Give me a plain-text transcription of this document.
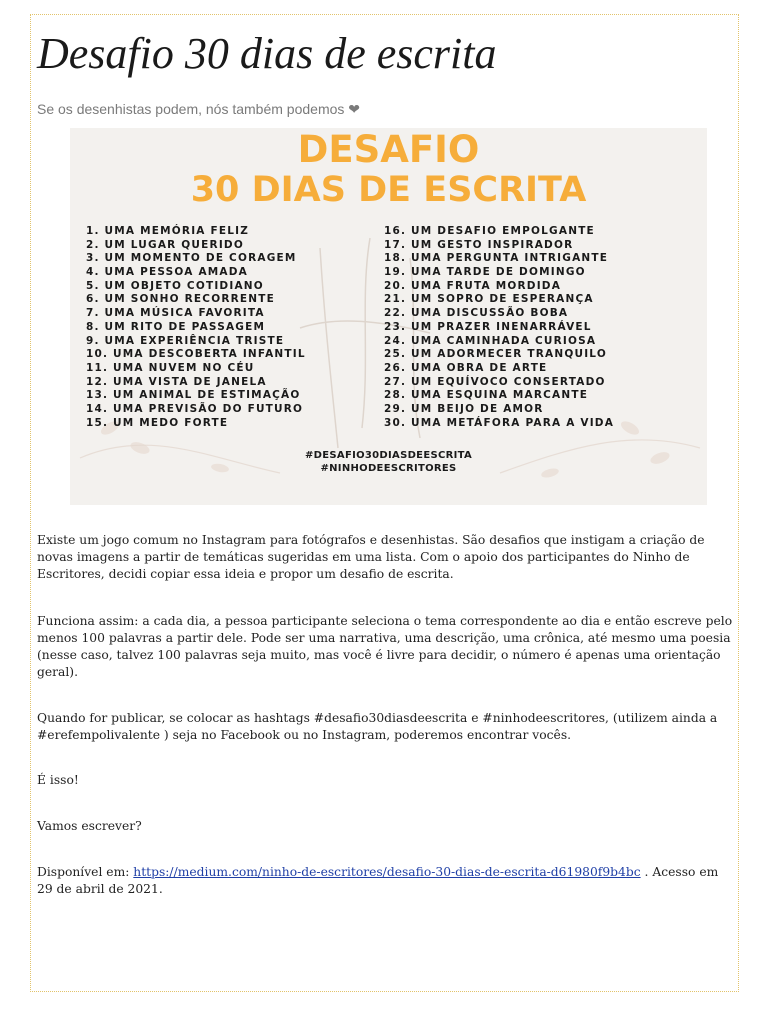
Desafio 30 dias de escrita
Se os desenhistas podem, nós também podemos ❤
DESAFIO
30 DIAS DE ESCRITA
1. UMA MEMÓRIA FELIZ
2. UM LUGAR QUERIDO
3. UM MOMENTO DE CORAGEM
4. UMA PESSOA AMADA
5. UM OBJETO COTIDIANO
6. UM SONHO RECORRENTE
7. UMA MÚSICA FAVORITA
8. UM RITO DE PASSAGEM
9. UMA EXPERIÊNCIA TRISTE
10. UMA DESCOBERTA INFANTIL
11. UMA NUVEM NO CÉU
12. UMA VISTA DE JANELA
13. UM ANIMAL DE ESTIMAÇÃO
14. UMA PREVISÃO DO FUTURO
15. UM MEDO FORTE
16. UM DESAFIO EMPOLGANTE
17. UM GESTO INSPIRADOR
18. UMA PERGUNTA INTRIGANTE
19. UMA TARDE DE DOMINGO
20. UMA FRUTA MORDIDA
21. UM SOPRO DE ESPERANÇA
22. UMA DISCUSSÃO BOBA
23. UM PRAZER INENARRÁVEL
24. UMA CAMINHADA CURIOSA
25. UM ADORMECER TRANQUILO
26. UMA OBRA DE ARTE
27. UM EQUÍVOCO CONSERTADO
28. UMA ESQUINA MARCANTE
29. UM BEIJO DE AMOR
30. UMA METÁFORA PARA A VIDA
#DESAFIO30DIASDEESCRITA
#NINHODEESCRITORES

Existe um jogo comum no Instagram para fotógrafos e desenhistas. São desafios que instigam a criação de novas imagens a partir de temáticas sugeridas em uma lista. Com o apoio dos participantes do Ninho de Escritores, decidi copiar essa ideia e propor um desafio de escrita.

Funciona assim: a cada dia, a pessoa participante seleciona o tema correspondente ao dia e então escreve pelo menos 100 palavras a partir dele. Pode ser uma narrativa, uma descrição, uma crônica, até mesmo uma poesia (nesse caso, talvez 100 palavras seja muito, mas você é livre para decidir, o número é apenas uma orientação geral).

Quando for publicar, se colocar as hashtags #desafio30diasdeescrita e #ninhodeescritores, (utilizem ainda a #erefempolivalente ) seja no Facebook ou no Instagram, poderemos encontrar vocês.

É isso!

Vamos escrever?

Disponível em: https://medium.com/ninho-de-escritores/desafio-30-dias-de-escrita-d61980f9b4bc . Acesso em 29 de abril de 2021.
